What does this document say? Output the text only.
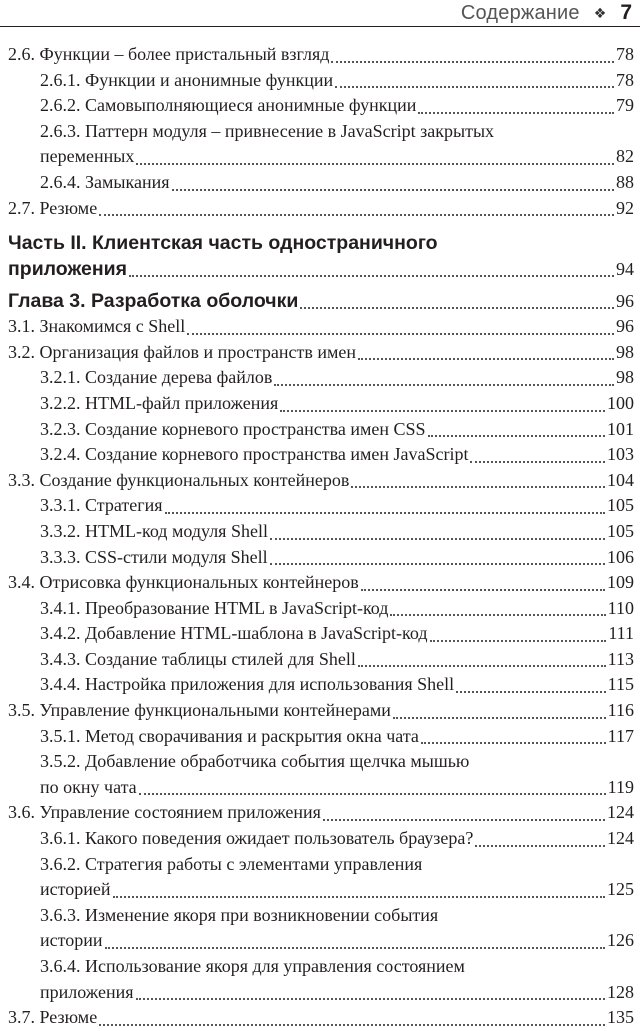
Содержание ❖ 7
2.6. Функции – более пристальный взгляд	78
2.6.1. Функции и анонимные функции	78
2.6.2. Самовыполняющиеся анонимные функции	79
2.6.3. Паттерн модуля – привнесение в JavaScript закрытых
переменных	82
2.6.4. Замыкания	88
2.7. Резюме	92
Часть II. Клиентская часть одностраничного
приложения	94
Глава 3. Разработка оболочки	96
3.1. Знакомимся с Shell	96
3.2. Организация файлов и пространств имен	98
3.2.1. Создание дерева файлов	98
3.2.2. HTML-файл приложения	100
3.2.3. Создание корневого пространства имен CSS	101
3.2.4. Создание корневого пространства имен JavaScript	103
3.3. Создание функциональных контейнеров	104
3.3.1. Стратегия	105
3.3.2. HTML-код модуля Shell	105
3.3.3. CSS-стили модуля Shell	106
3.4. Отрисовка функциональных контейнеров	109
3.4.1. Преобразование HTML в JavaScript-код	110
3.4.2. Добавление HTML-шаблона в JavaScript-код	111
3.4.3. Создание таблицы стилей для Shell	113
3.4.4. Настройка приложения для использования Shell	115
3.5. Управление функциональными контейнерами	116
3.5.1. Метод сворачивания и раскрытия окна чата	117
3.5.2. Добавление обработчика события щелчка мышью
по окну чата	119
3.6. Управление состоянием приложения	124
3.6.1. Какого поведения ожидает пользователь браузера?	124
3.6.2. Стратегия работы с элементами управления
историей	125
3.6.3. Изменение якоря при возникновении события
истории	126
3.6.4. Использование якоря для управления состоянием
приложения	128
3.7. Резюме	135
